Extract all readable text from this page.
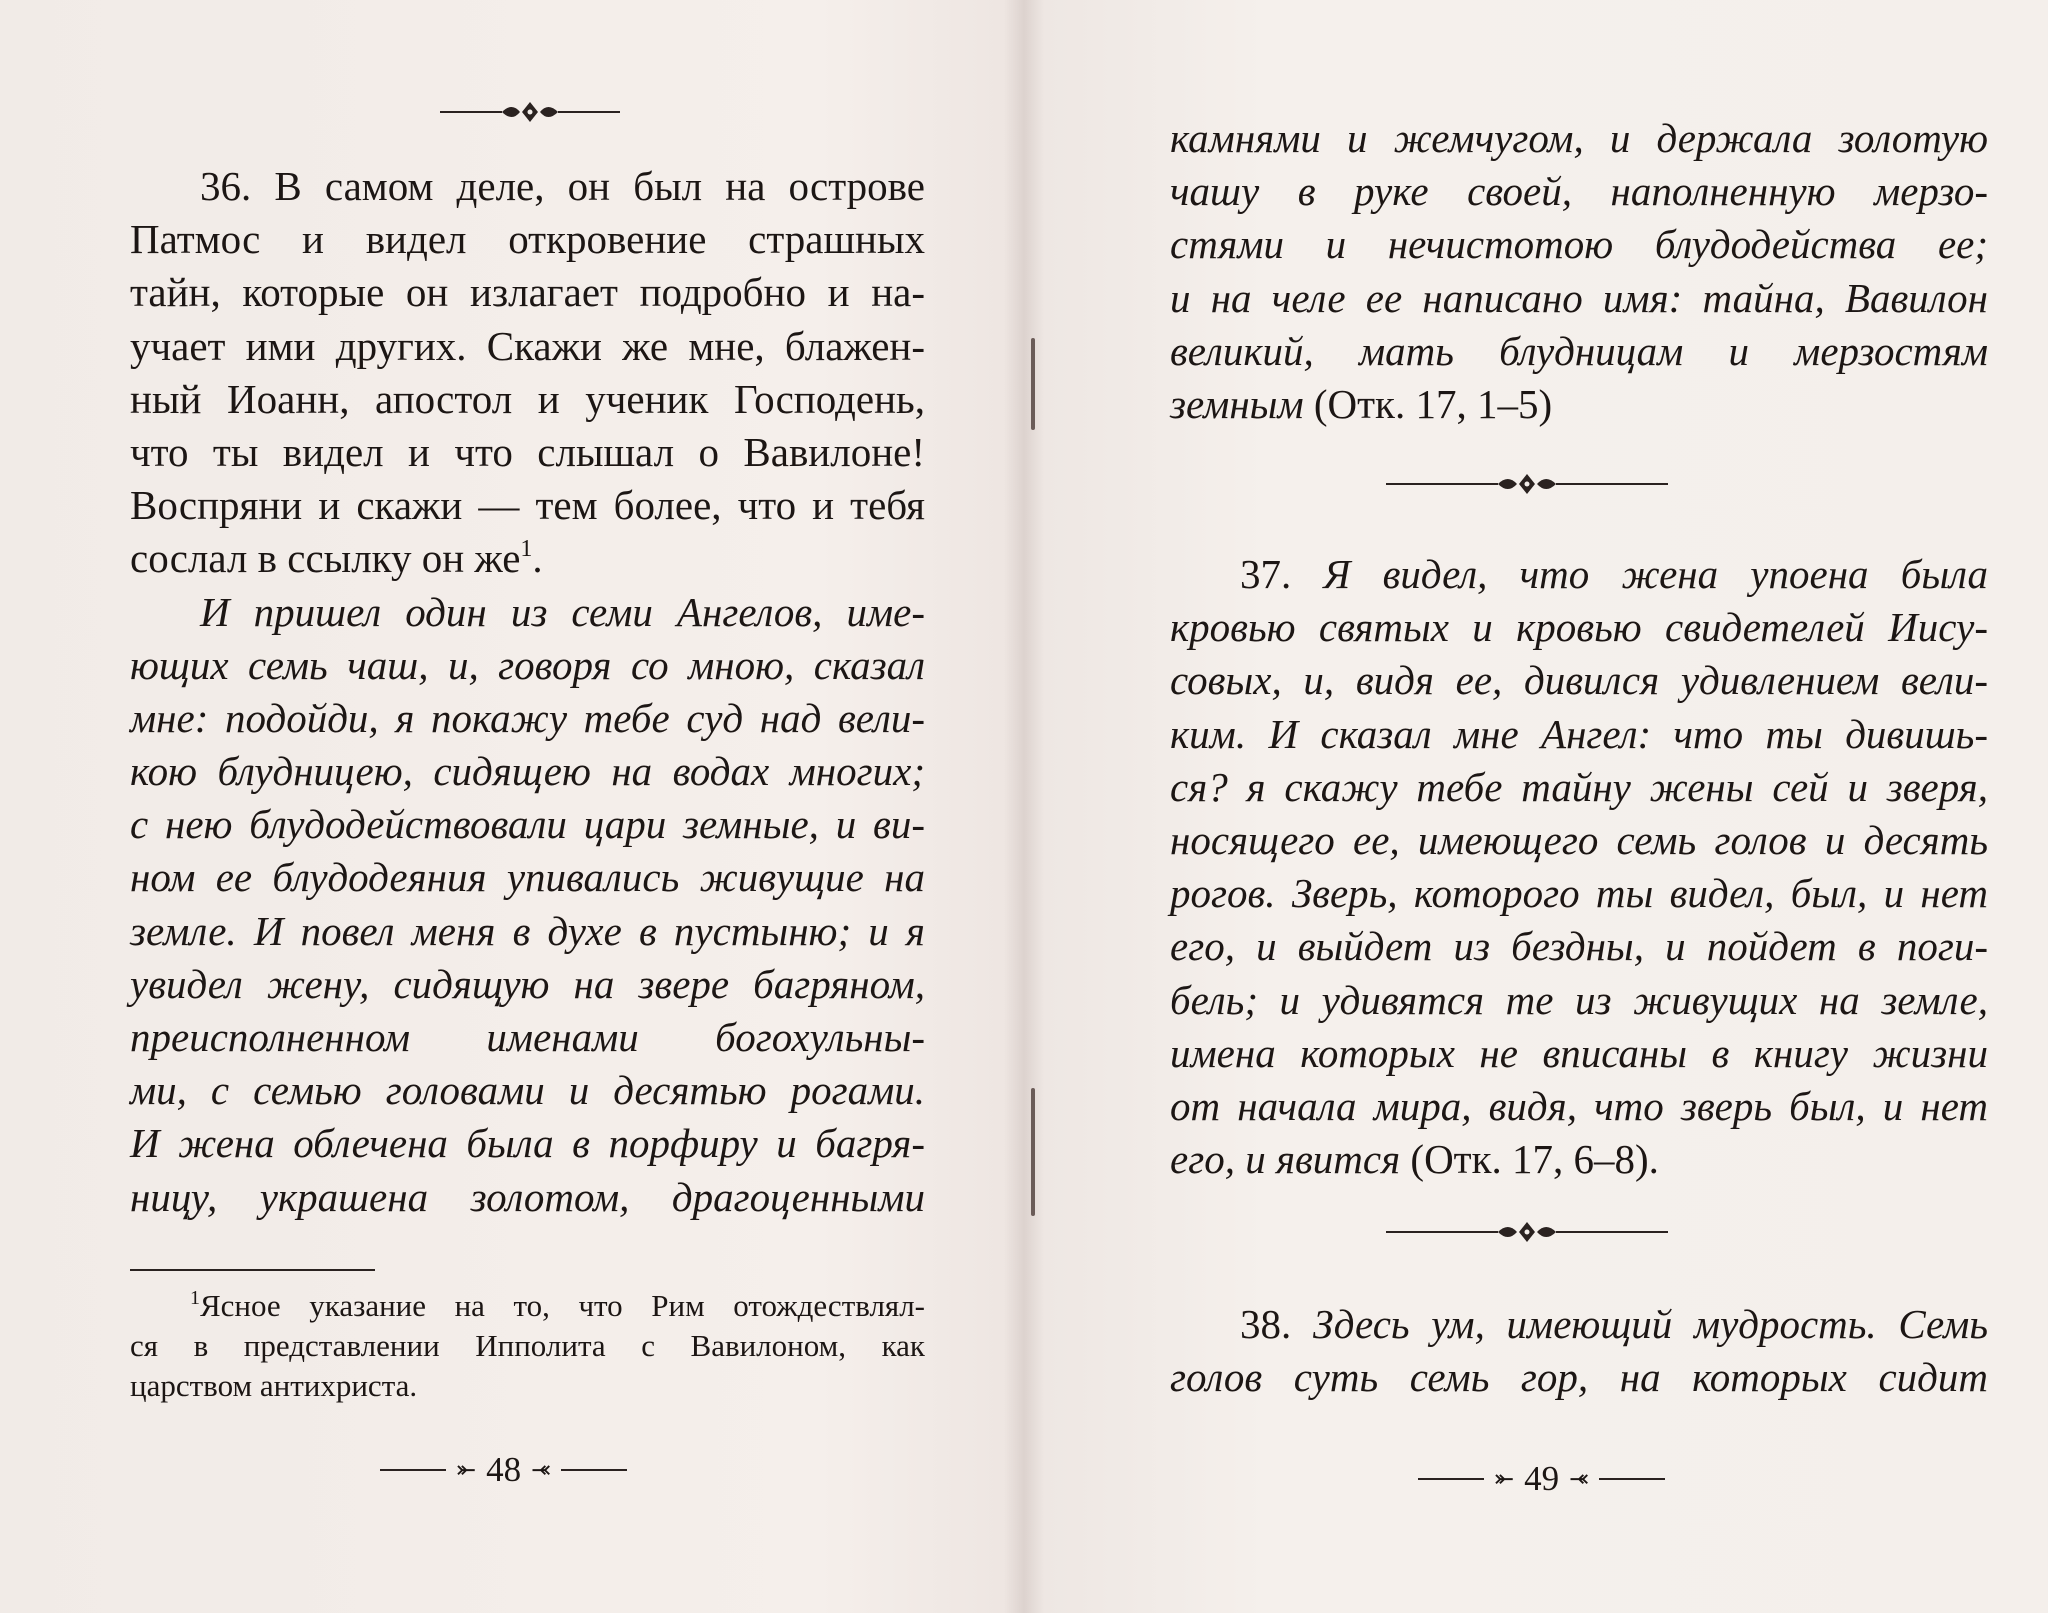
36. В самом деле, он был на острове
Патмос и видел откровение страшных
тайн, которые он излагает подробно и на-
учает ими других. Скажи же мне, блажен-
ный Иоанн, апостол и ученик Господень,
что ты видел и что слышал о Вавилоне!
Воспряни и скажи — тем более, что и тебя
сослал в ссылку он $же^1$.
И пришел один из семи Ангелов, име-
ющих семь чаш, и, говоря со мною, сказал
мне: подойди, я покажу тебе суд над вели-
кою блудницею, сидящею на водах многих;
с нею блудодействовали цари земные, и ви-
ном ее блудодеяния упивались живущие на
земле. И повел меня в духе в пустыню; и я
увидел жену, сидящую на звере багряном,
преисполненном именами богохульны-
ми, с семью головами и десятью рогами.
И жена облечена была в порфиру и багря-
ницу, украшена золотом, драгоценными
$^1$Ясное указание на то, что Рим отождествлял-
ся в представлении Ипполита с Вавилоном, как
царством антихриста.
⤜ 48 ⤛
камнями и жемчугом, и держала золотую
чашу в руке своей, наполненную мерзо-
стями и нечистотою блудодейства ее;
и на челе ее написано имя: тайна, Вавилон
великий, мать блудницам и мерзостям
земным (Отк. 17, 1–5)
37. Я видел, что жена упоена была
кровью святых и кровью свидетелей Иису-
совых, и, видя ее, дивился удивлением вели-
ким. И сказал мне Ангел: что ты дивишь-
ся? я скажу тебе тайну жены сей и зверя,
носящего ее, имеющего семь голов и десять
рогов. Зверь, которого ты видел, был, и нет
его, и выйдет из бездны, и пойдет в поги-
бель; и удивятся те из живущих на земле,
имена которых не вписаны в книгу жизни
от начала мира, видя, что зверь был, и нет
его, и явится (Отк. 17, 6–8).
38. Здесь ум, имеющий мудрость. Семь
голов суть семь гор, на которых сидит
⤜ 49 ⤛
